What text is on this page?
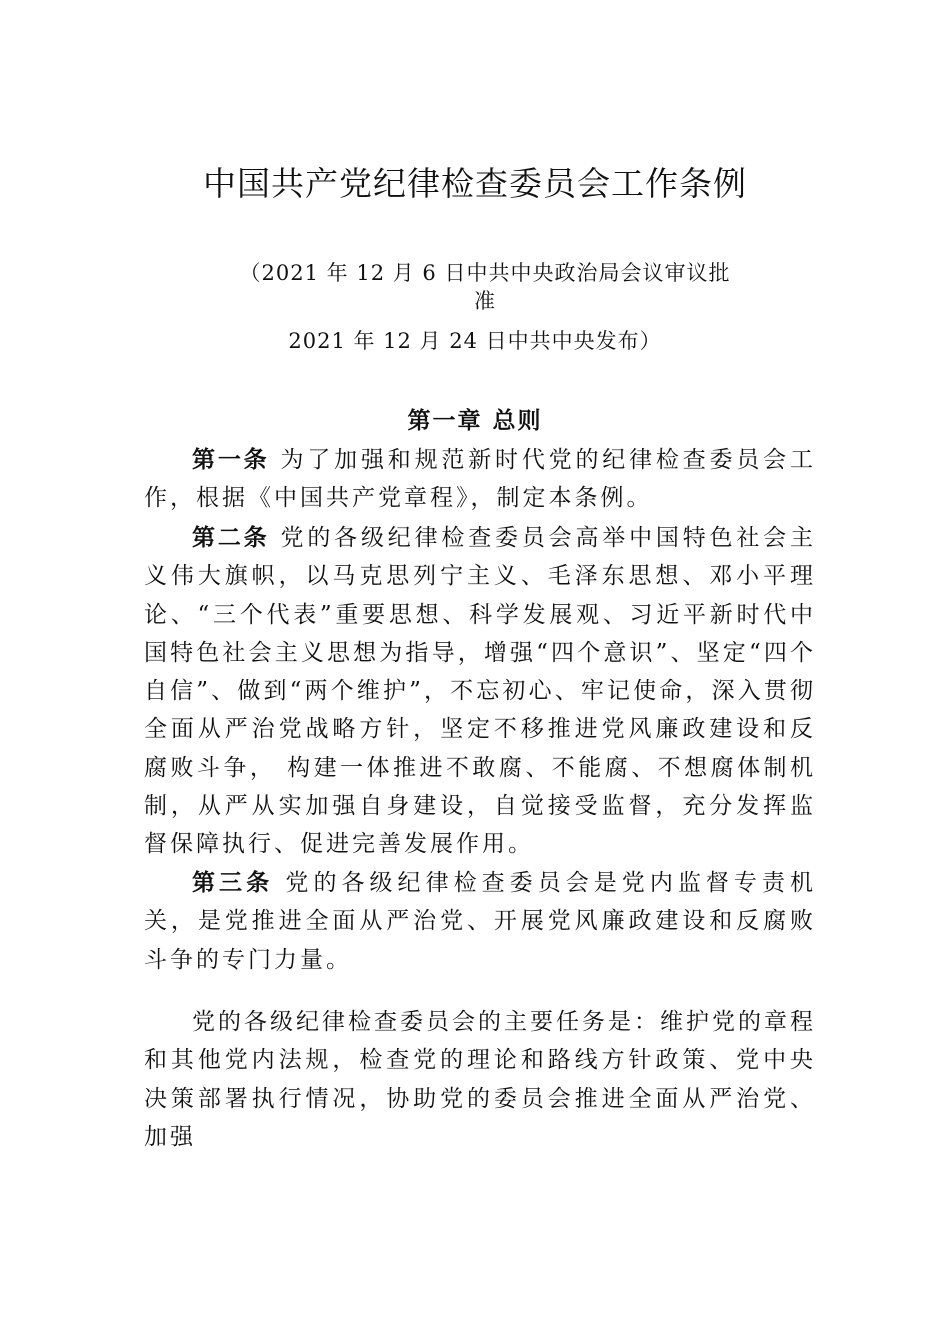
中国共产党纪律检查委员会工作条例
（2021 年 12 月 6 日中共中央政治局会议审议批
准
2021 年 12 月 24 日中共中央发布）
第一章 总则

第一条 为了加强和规范新时代党的纪律检查委员会工作，根据《中国共产党章程》，制定本条例。

第二条 党的各级纪律检查委员会高举中国特色社会主义伟大旗帜，以马克思列宁主义、毛泽东思想、邓小平理论、“三个代表”重要思想、科学发展观、习近平新时代中国特色社会主义思想为指导，增强“四个意识”、坚定“四个自信”、做到“两个维护”，不忘初心、牢记使命，深入贯彻全面从严治党战略方针，坚定不移推进党风廉政建设和反腐败斗争， 构建一体推进不敢腐、不能腐、不想腐体制机制，从严从实加强自身建设，自觉接受监督，充分发挥监督保障执行、促进完善发展作用。

第三条 党的各级纪律检查委员会是党内监督专责机关，是党推进全面从严治党、开展党风廉政建设和反腐败斗争的专门力量。

党的各级纪律检查委员会的主要任务是：维护党的章程和其他党内法规，检查党的理论和路线方针政策、党中央决策部署执行情况，协助党的委员会推进全面从严治党、加强
